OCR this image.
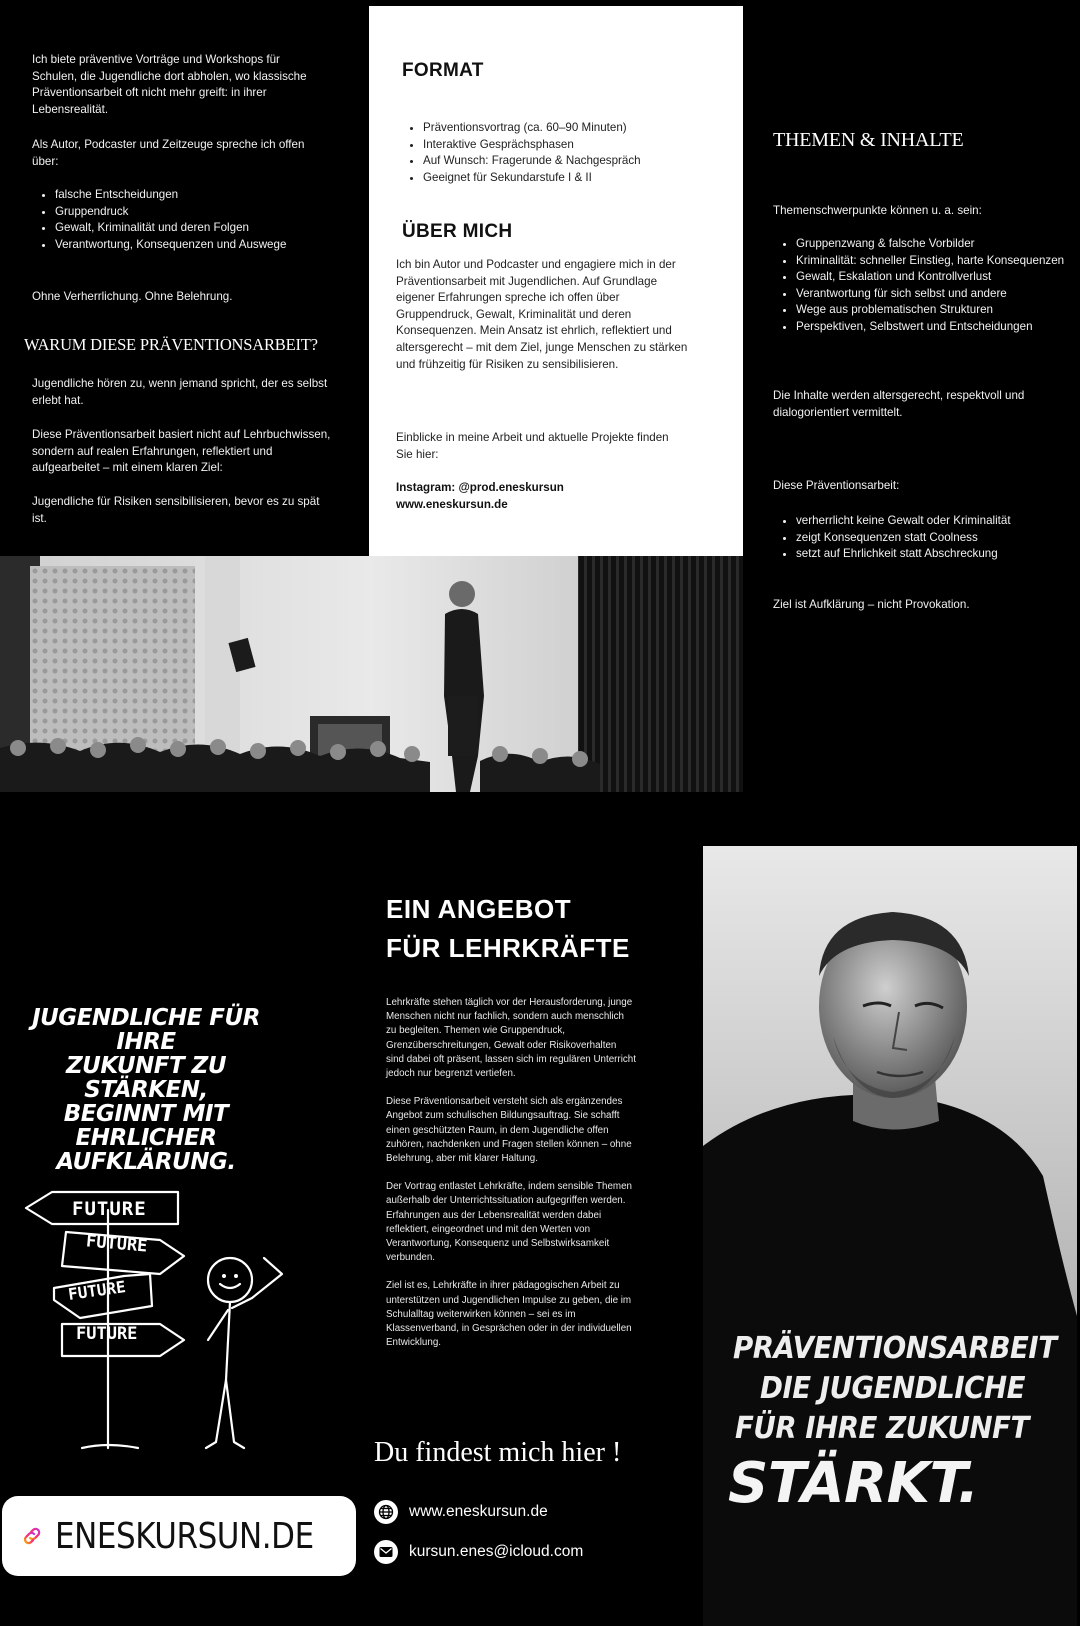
Ich biete präventive Vorträge und Workshops für Schulen, die Jugendliche dort abholen, wo klassische Präventionsarbeit oft nicht mehr greift: in ihrer Lebensrealität.
Als Autor, Podcaster und Zeitzeuge spreche ich offen über:
• falsche Entscheidungen
• Gruppendruck
• Gewalt, Kriminalität und deren Folgen
• Verantwortung, Konsequenzen und Auswege
Ohne Verherrlichung. Ohne Belehrung.
WARUM DIESE PRÄVENTIONSARBEIT?
Jugendliche hören zu, wenn jemand spricht, der es selbst erlebt hat.
Diese Präventionsarbeit basiert nicht auf Lehrbuchwissen, sondern auf realen Erfahrungen, reflektiert und aufgearbeitet – mit einem klaren Ziel:
Jugendliche für Risiken sensibilisieren, bevor es zu spät ist.
FORMAT
• Präventionsvortrag (ca. 60–90 Minuten)
• Interaktive Gesprächsphasen
• Auf Wunsch: Fragerunde & Nachgespräch
• Geeignet für Sekundarstufe I & II
ÜBER MICH
Ich bin Autor und Podcaster und engagiere mich in der Präventionsarbeit mit Jugendlichen. Auf Grundlage eigener Erfahrungen spreche ich offen über Gruppendruck, Gewalt, Kriminalität und deren Konsequenzen. Mein Ansatz ist ehrlich, reflektiert und altersgerecht – mit dem Ziel, junge Menschen zu stärken und frühzeitig für Risiken zu sensibilisieren.
Einblicke in meine Arbeit und aktuelle Projekte finden Sie hier:
Instagram: @prod.eneskursun
www.eneskursun.de
THEMEN & INHALTE
Themenschwerpunkte können u. a. sein:
• Gruppenzwang & falsche Vorbilder
• Kriminalität: schneller Einstieg, harte Konsequenzen
• Gewalt, Eskalation und Kontrollverlust
• Verantwortung für sich selbst und andere
• Wege aus problematischen Strukturen
• Perspektiven, Selbstwert und Entscheidungen
Die Inhalte werden altersgerecht, respektvoll und dialogorientiert vermittelt.
Diese Präventionsarbeit:
• verherrlicht keine Gewalt oder Kriminalität
• zeigt Konsequenzen statt Coolness
• setzt auf Ehrlichkeit statt Abschreckung
Ziel ist Aufklärung – nicht Provokation.
JUGENDLICHE FÜR IHRE
ZUKUNFT ZU STÄRKEN,
BEGINNT MIT EHRLICHER
AUFKLÄRUNG.
FUTURE
FUTURE
FUTURE
FUTURE
ENESKURSUN.DE
EIN ANGEBOT
FÜR LEHRKRÄFTE
Lehrkräfte stehen täglich vor der Herausforderung, junge Menschen nicht nur fachlich, sondern auch menschlich zu begleiten. Themen wie Gruppendruck, Grenzüberschreitungen, Gewalt oder Risikoverhalten sind dabei oft präsent, lassen sich im regulären Unterricht jedoch nur begrenzt vertiefen.
Diese Präventionsarbeit versteht sich als ergänzendes Angebot zum schulischen Bildungsauftrag. Sie schafft einen geschützten Raum, in dem Jugendliche offen zuhören, nachdenken und Fragen stellen können – ohne Belehrung, aber mit klarer Haltung.
Der Vortrag entlastet Lehrkräfte, indem sensible Themen außerhalb der Unterrichtssituation aufgegriffen werden. Erfahrungen aus der Lebensrealität werden dabei reflektiert, eingeordnet und mit den Werten von Verantwortung, Konsequenz und Selbstwirksamkeit verbunden.
Ziel ist es, Lehrkräfte in ihrer pädagogischen Arbeit zu unterstützen und Jugendlichen Impulse zu geben, die im Schulalltag weiterwirken können – sei es im Klassenverband, in Gesprächen oder in der individuellen Entwicklung.
Du findest mich hier !
www.eneskursun.de
kursun.enes@icloud.com
PRÄVENTIONSARBEIT
DIE JUGENDLICHE
FÜR IHRE ZUKUNFT
STÄRKT.
